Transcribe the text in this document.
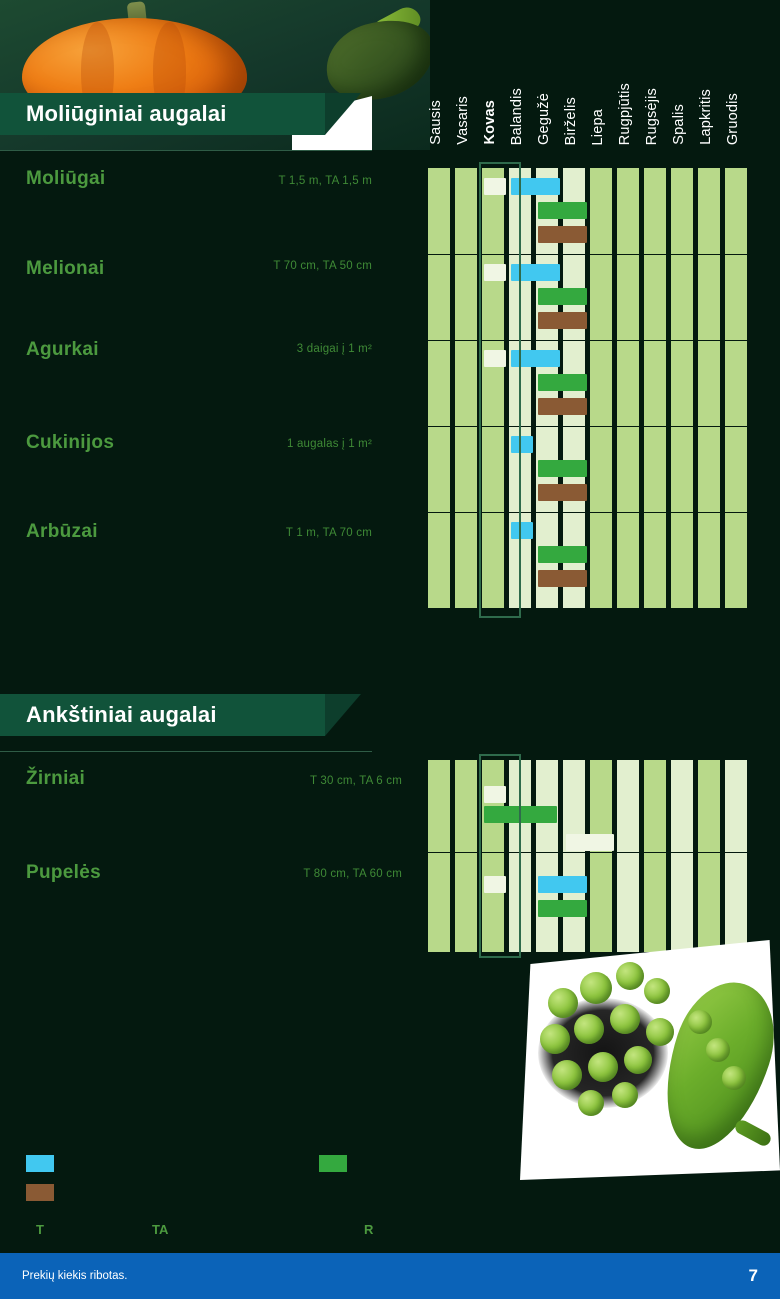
Sausis Vasaris Kovas Balandis Gegužė Birželis Liepa Rugpjūtis Rugsėjis Spalis Lapkritis Gruodis
Moliūginiai augalai
Moliūgai	T 1,5 m, TA 1,5 m
Melionai	T 70 cm, TA 50 cm
Agurkai	3 daigai į 1 m²
Cukinijos	1 augalas į 1 m²
Arbūzai	T 1 m, TA 70 cm
Ankštiniai augalai
Žirniai	T 30 cm, TA 6 cm
Pupelės	T 80 cm, TA 60 cm
T	TA	R
Prekių kiekis ribotas.	7
